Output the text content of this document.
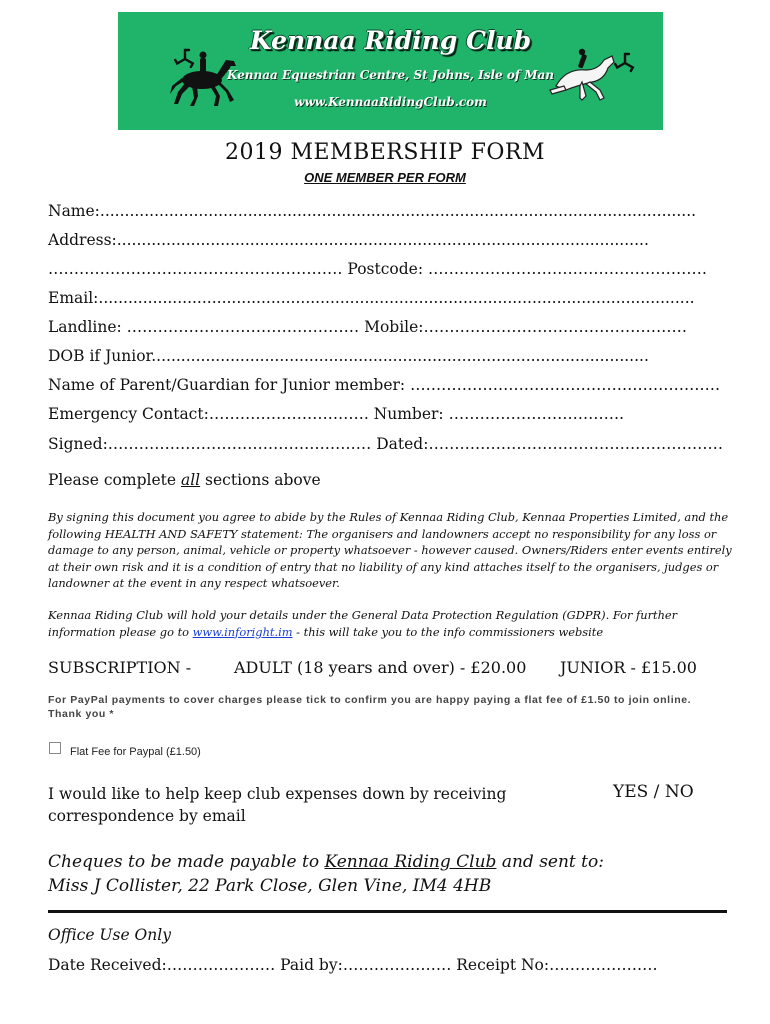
Kennaa Riding Club
Kennaa Equestrian Centre, St Johns, Isle of Man
www.KennaaRidingClub.com
2019 MEMBERSHIP FORM
ONE MEMBER PER FORM
Name:.........................................................................................................................
Address:............................................................................................................
………………………………………………… Postcode: ………………………………………………
Email:.........................................................................................................................
Landline: ……………………………………… Mobile:……………………………………………
DOB if Junior.....................................................................................................
Name of Parent/Guardian for Junior member: ……………………………………………………
Emergency Contact:…………………………. Number: …………………………….
Signed:…………………………………………… Dated:…………………………………………………
Please complete all sections above
By signing this document you agree to abide by the Rules of Kennaa Riding Club, Kennaa Properties Limited, and the following HEALTH AND SAFETY statement: The organisers and landowners accept no responsibility for any loss or damage to any person, animal, vehicle or property whatsoever - however caused. Owners/Riders enter events entirely at their own risk and it is a condition of entry that no liability of any kind attaches itself to the organisers, judges or landowner at the event in any respect whatsoever.
Kennaa Riding Club will hold your details under the General Data Protection Regulation (GDPR). For further information please go to www.inforight.im - this will take you to the info commissioners website
SUBSCRIPTION -	ADULT (18 years and over) - £20.00 JUNIOR - £15.00
For PayPal payments to cover charges please tick to confirm you are happy paying a flat fee of £1.50 to join online.
Thank you *
Flat Fee for Paypal (£1.50)
I would like to help keep club expenses down by receiving correspondence by email
YES / NO
Cheques to be made payable to Kennaa Riding Club and sent to:
Miss J Collister, 22 Park Close, Glen Vine, IM4 4HB
Office Use Only
Date Received:………………… Paid by:………………… Receipt No:…………………
